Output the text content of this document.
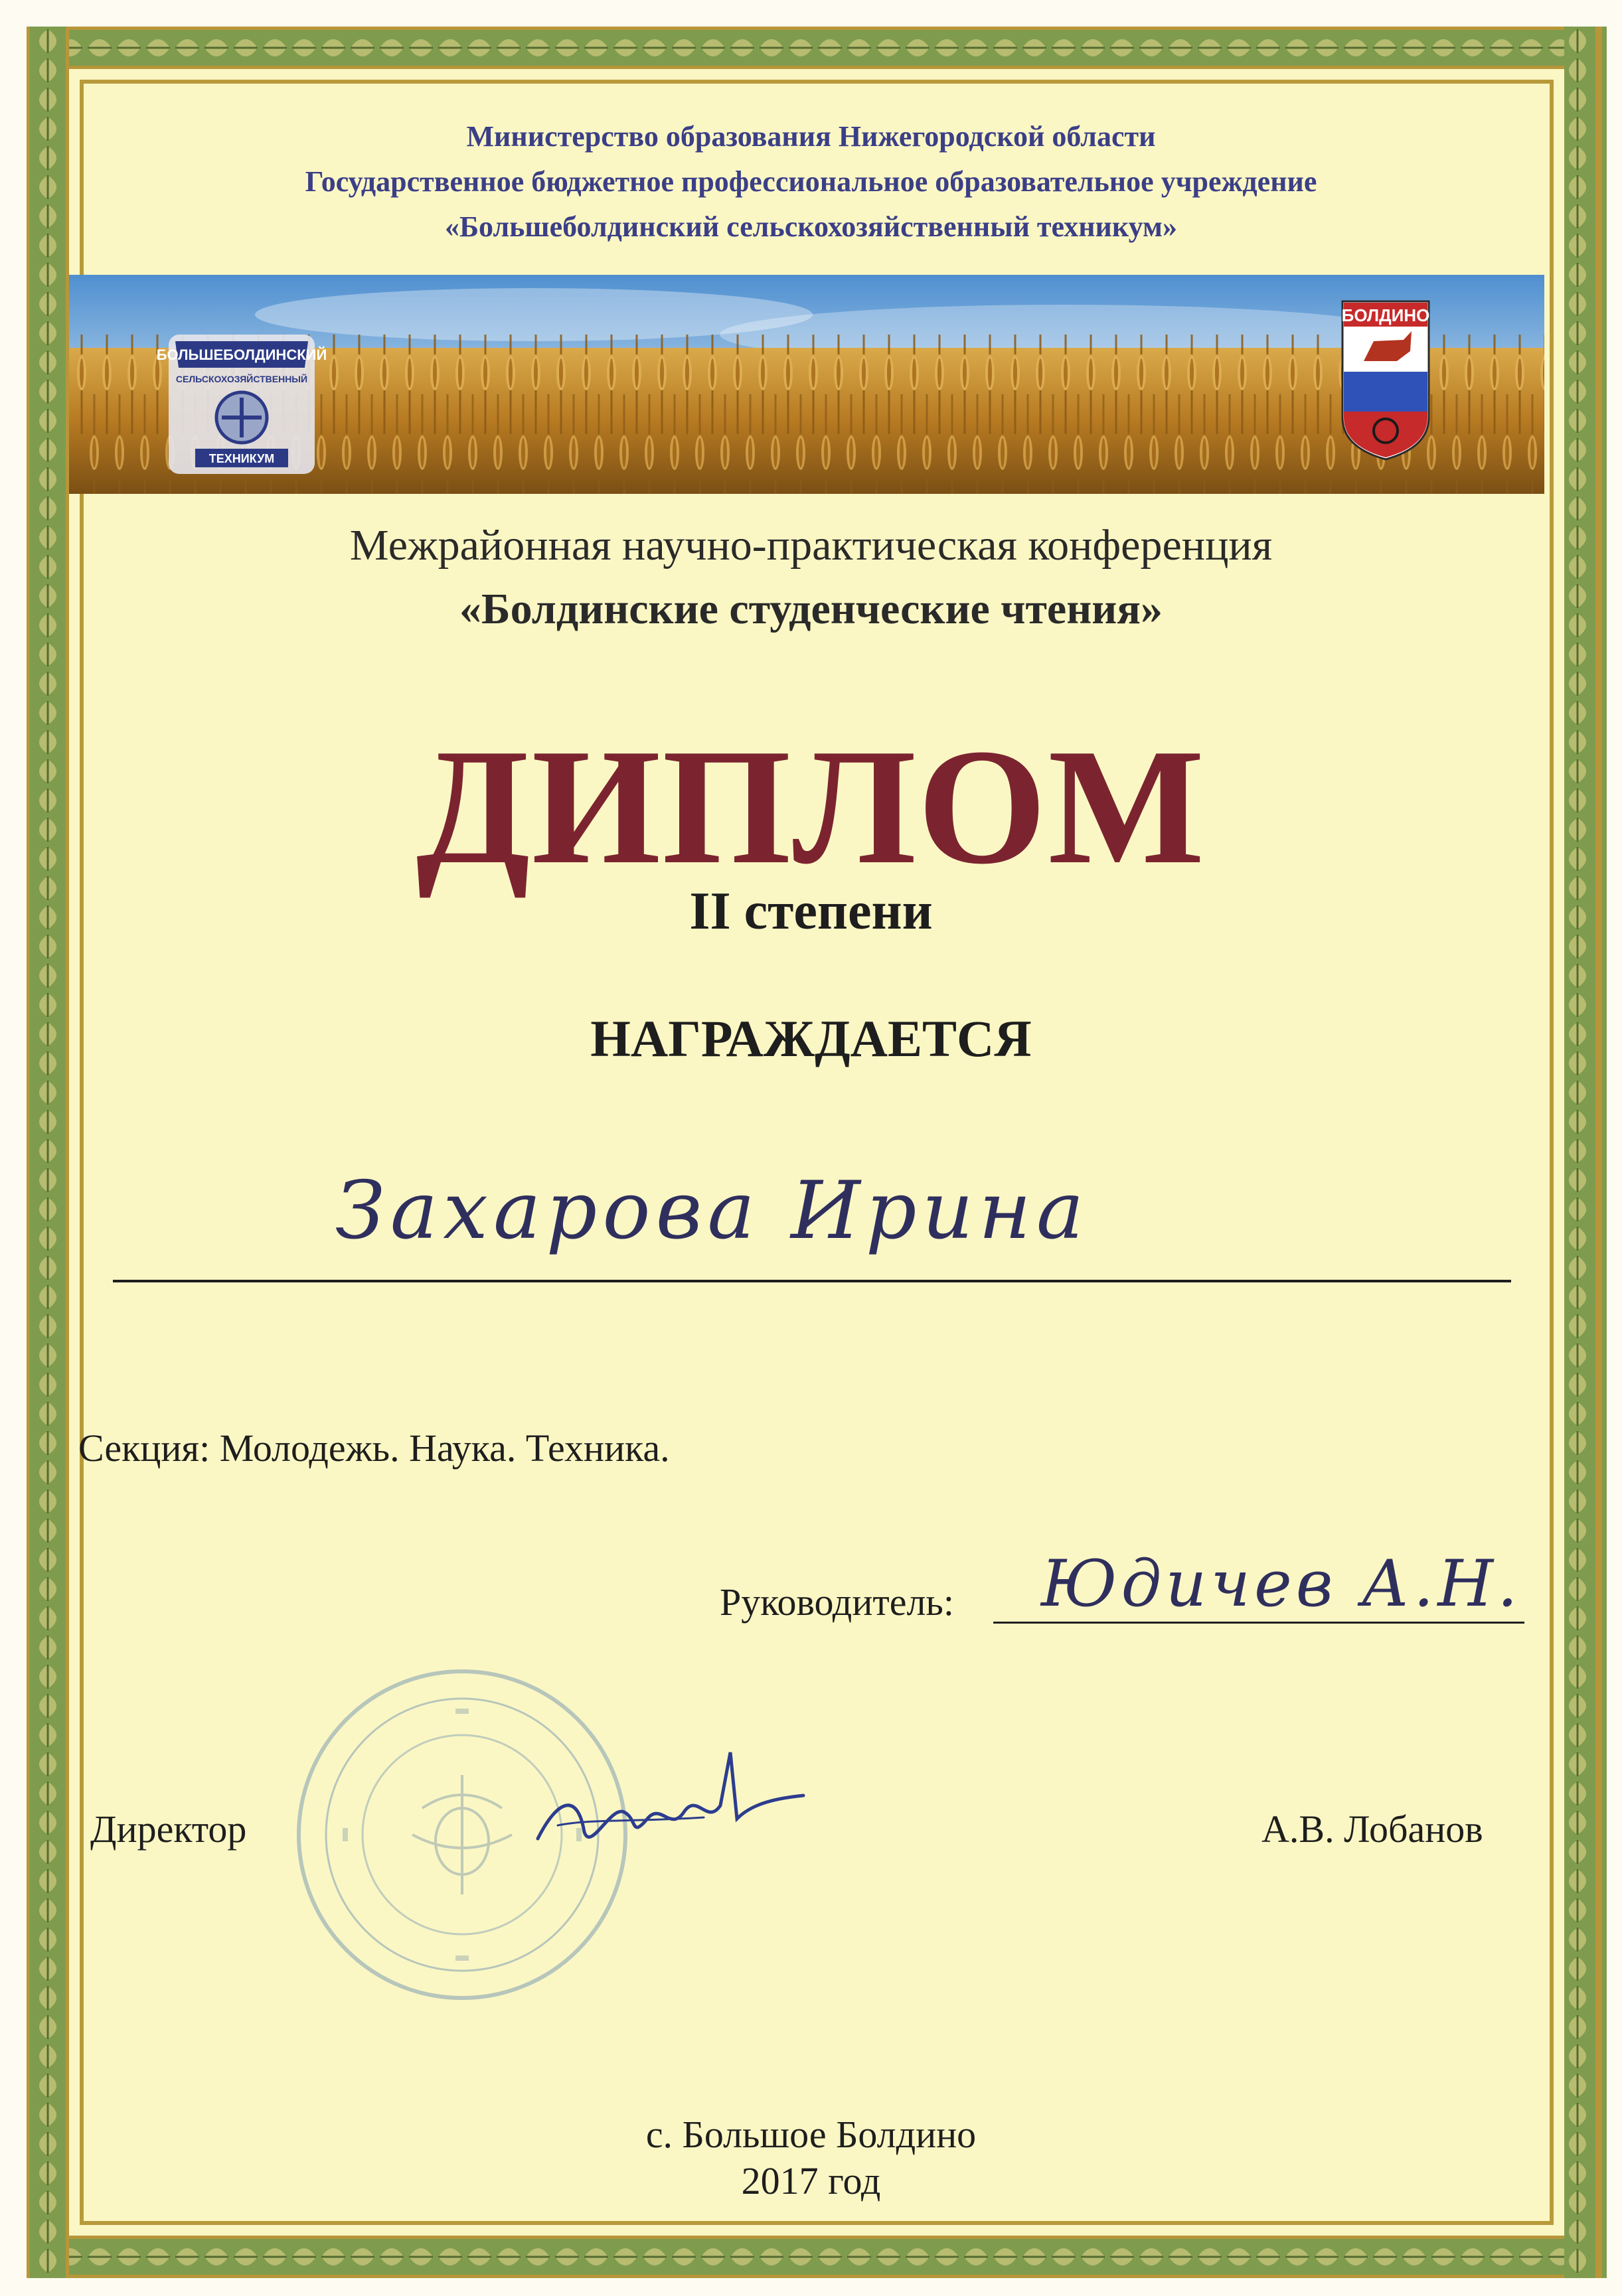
Министерство образования Нижегородской области
Государственное бюджетное профессиональное образовательное учреждение
«Большеболдинский сельскохозяйственный техникум»
БОЛЬШЕБОЛДИНСКИЙ
СЕЛЬСКОХОЗЯЙСТВЕННЫЙ
ТЕХНИКУМ
БОЛДИНО
Межрайонная научно-практическая конференция
«Болдинские студенческие чтения»
ДИПЛОМ
II степени
НАГРАЖДАЕТСЯ
Захарова Ирина
Секция: Молодежь. Наука. Техника.
Руководитель: Юдичев А.Н.
Директор	А.В. Лобанов
с. Большое Болдино
2017 год
